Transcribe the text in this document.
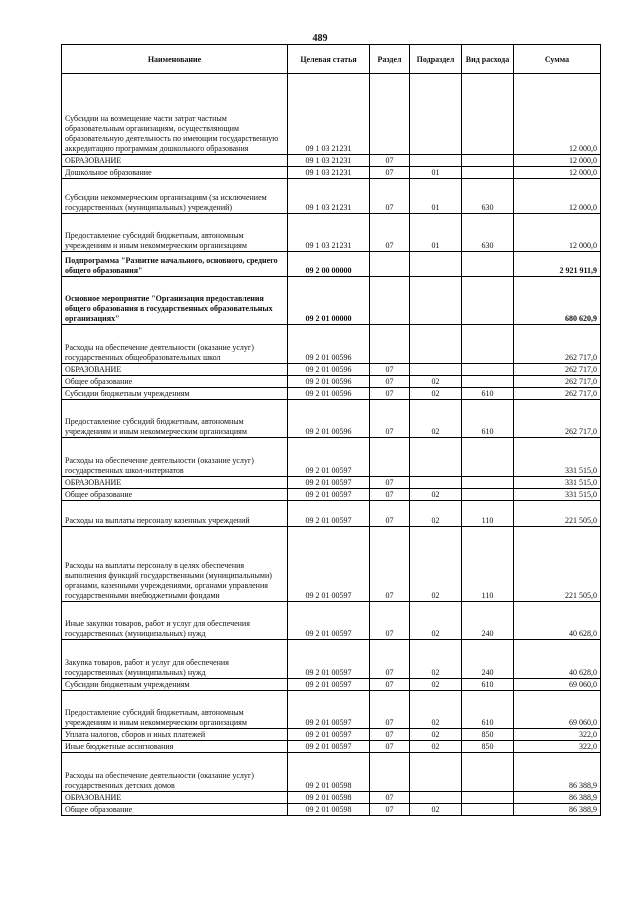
489
Наименование	Целевая статья	Раздел	Подраздел	Вид расхода	Сумма
Субсидии на возмещение части затрат частным образовательным организациям, осуществляющим образовательную деятельность по имеющим государственную аккредитацию программам дошкольного образования	09 1 03 21231				12 000,0
ОБРАЗОВАНИЕ	09 1 03 21231	07			12 000,0
Дошкольное образование	09 1 03 21231	07	01		12 000,0
Субсидии некоммерческим организациям (за исключением государственных (муниципальных) учреждений)	09 1 03 21231	07	01	630	12 000,0
Предоставление субсидий бюджетным, автономным учреждениям и иным некоммерческим организациям	09 1 03 21231	07	01	630	12 000,0
Подпрограмма "Развитие начального, основного, среднего общего образования"	09 2 00 00000				2 921 911,9
Основное мероприятие "Организация предоставления общего образования в государственных образовательных организациях"	09 2 01 00000				680 620,9
Расходы на обеспечение деятельности (оказание услуг) государственных общеобразовательных школ	09 2 01 00596				262 717,0
ОБРАЗОВАНИЕ	09 2 01 00596	07			262 717,0
Общее образование	09 2 01 00596	07	02		262 717,0
Субсидии бюджетным учреждениям	09 2 01 00596	07	02	610	262 717,0
Предоставление субсидий бюджетным, автономным учреждениям и иным некоммерческим организациям	09 2 01 00596	07	02	610	262 717,0
Расходы на обеспечение деятельности (оказание услуг) государственных школ-интернатов	09 2 01 00597				331 515,0
ОБРАЗОВАНИЕ	09 2 01 00597	07			331 515,0
Общее образование	09 2 01 00597	07	02		331 515,0
Расходы на выплаты персоналу казенных учреждений	09 2 01 00597	07	02	110	221 505,0
Расходы на выплаты персоналу в целях обеспечения выполнения функций государственными (муниципальными) органами, казенными учреждениями, органами управления государственными внебюджетными фондами	09 2 01 00597	07	02	110	221 505,0
Иные закупки товаров, работ и услуг для обеспечения государственных (муниципальных) нужд	09 2 01 00597	07	02	240	40 628,0
Закупка товаров, работ и услуг для обеспечения государственных (муниципальных) нужд	09 2 01 00597	07	02	240	40 628,0
Субсидии бюджетным учреждениям	09 2 01 00597	07	02	610	69 060,0
Предоставление субсидий бюджетным, автономным учреждениям и иным некоммерческим организациям	09 2 01 00597	07	02	610	69 060,0
Уплата налогов, сборов и иных платежей	09 2 01 00597	07	02	850	322,0
Иные бюджетные ассигнования	09 2 01 00597	07	02	850	322,0
Расходы на обеспечение деятельности (оказание услуг) государственных детских домов	09 2 01 00598				86 388,9
ОБРАЗОВАНИЕ	09 2 01 00598	07			86 388,9
Общее образование	09 2 01 00598	07	02		86 388,9
